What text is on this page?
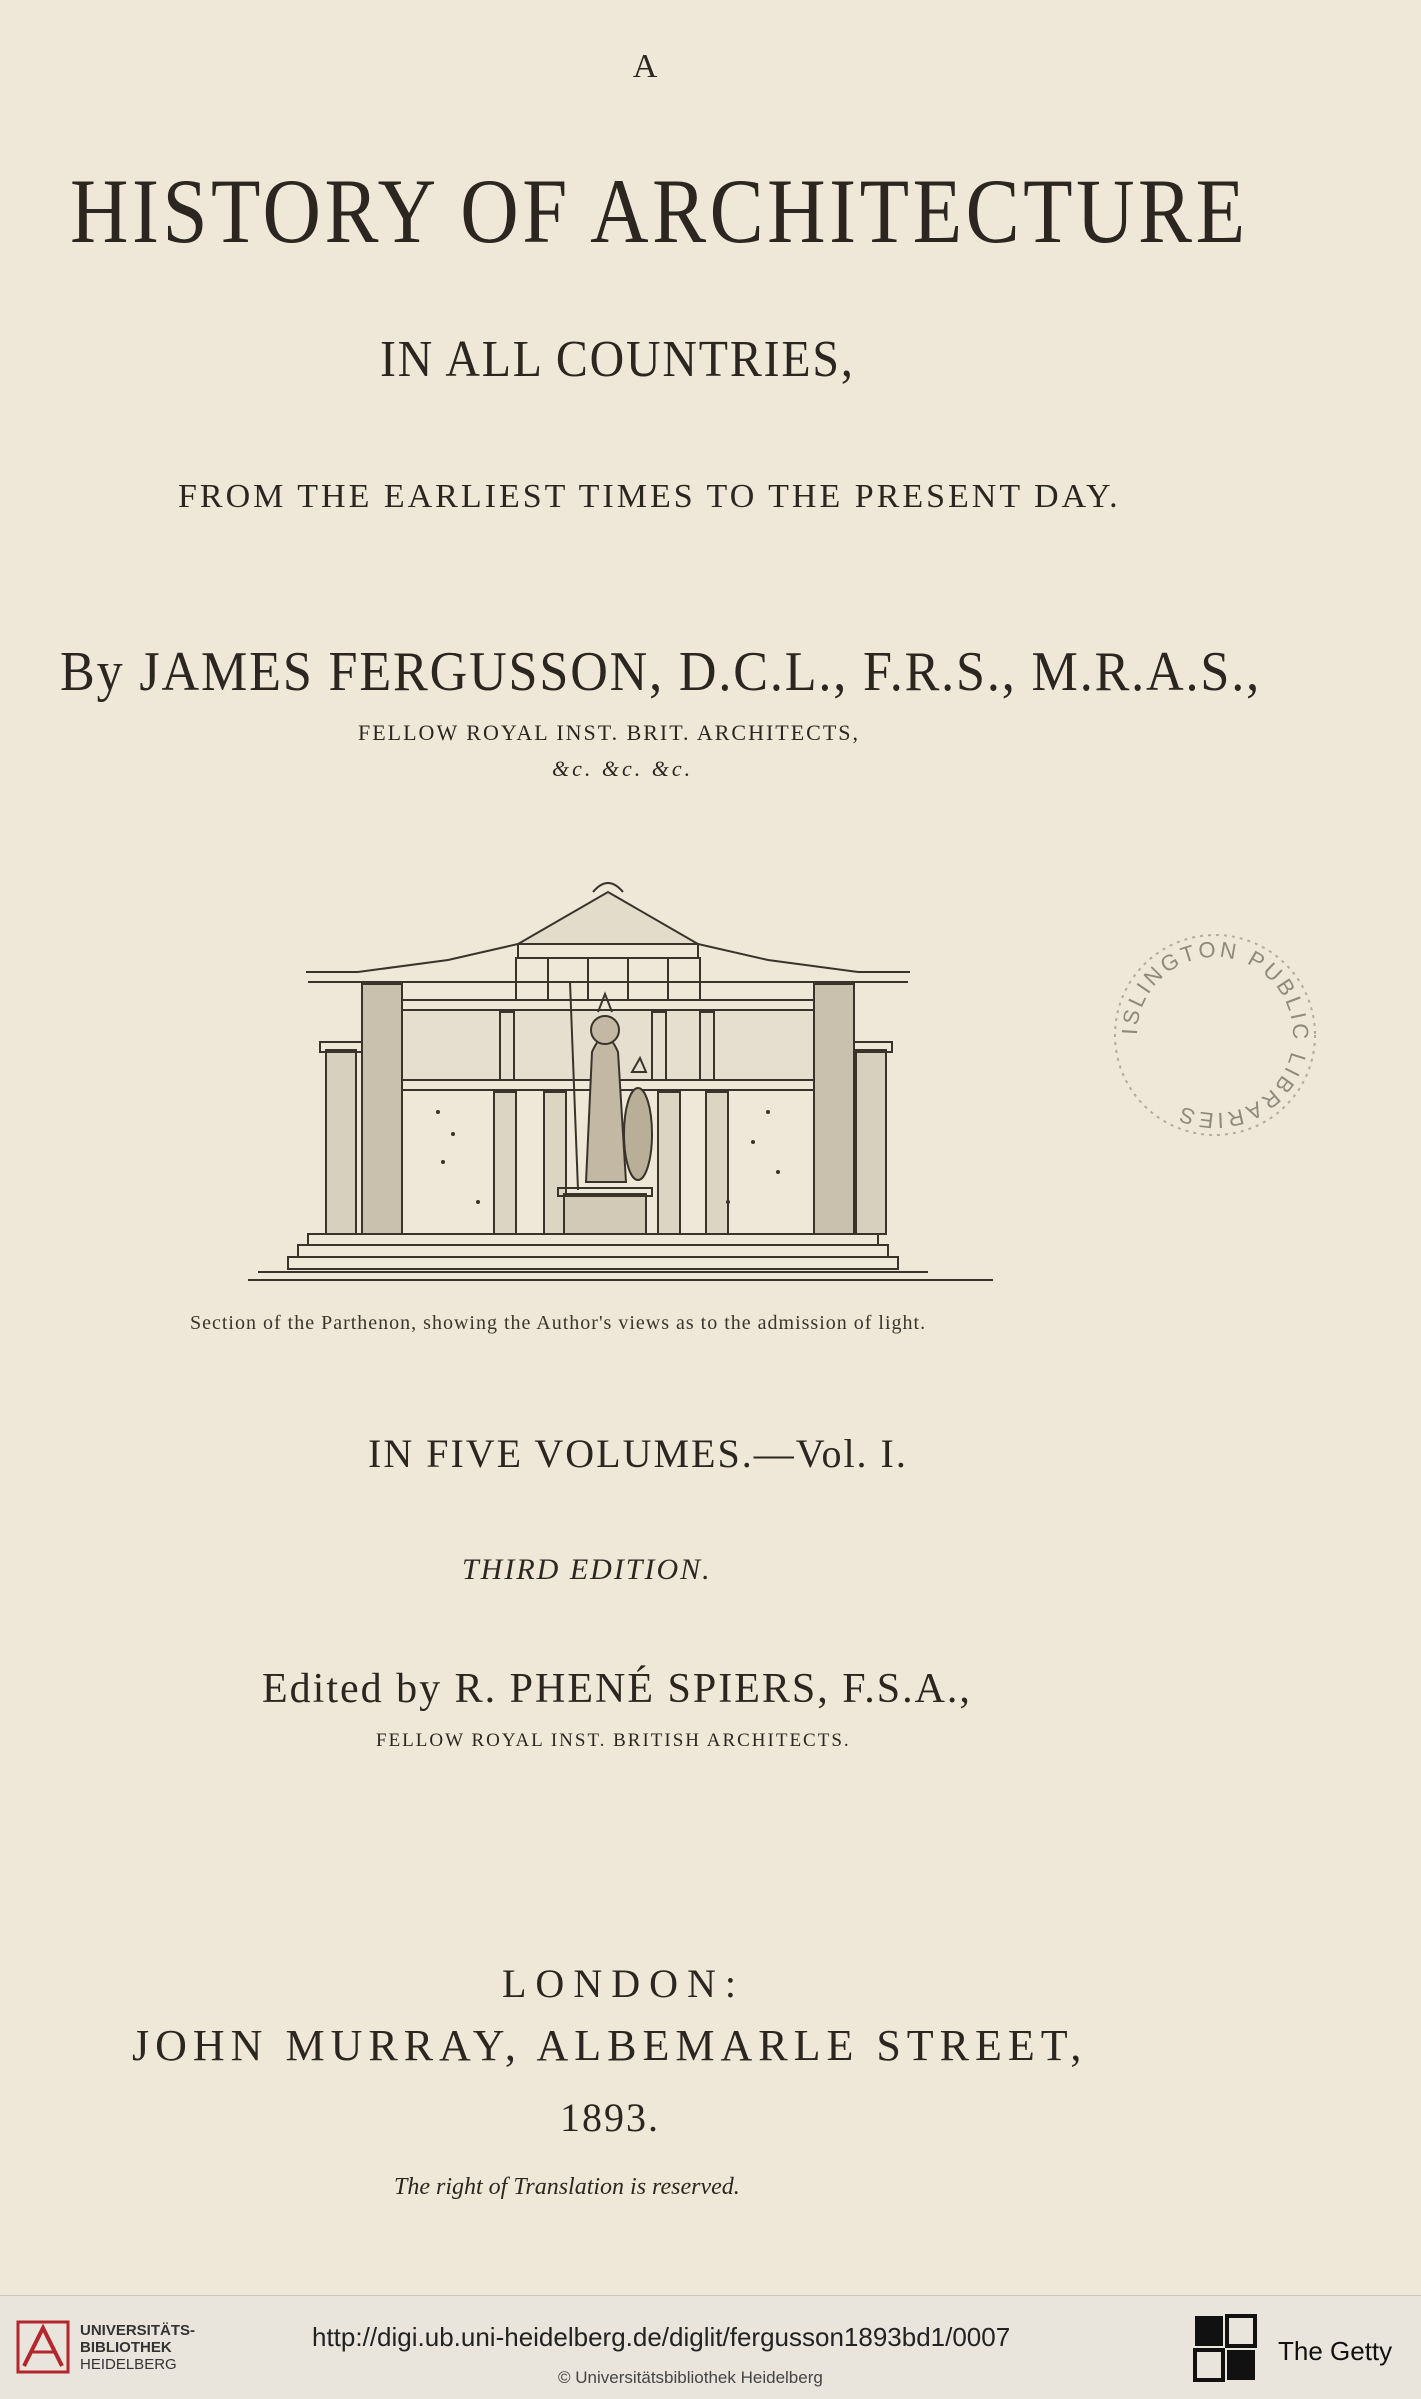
A
HISTORY OF ARCHITECTURE
IN ALL COUNTRIES,
FROM THE EARLIEST TIMES TO THE PRESENT DAY.
By JAMES FERGUSSON, D.C.L., F.R.S., M.R.A.S.,
FELLOW ROYAL INST. BRIT. ARCHITECTS,
&c. &c. &c.
Section of the Parthenon, showing the Author's views as to the admission of light.
ISLINGTON PUBLIC LIBRARIES
IN FIVE VOLUMES.—Vol. I.
THIRD EDITION.
Edited by R. PHENÉ SPIERS, F.S.A.,
FELLOW ROYAL INST. BRITISH ARCHITECTS.
LONDON:
JOHN MURRAY, ALBEMARLE STREET,
1893.
The right of Translation is reserved.
UNIVERSITÄTS-
BIBLIOTHEK
HEIDELBERG
http://digi.ub.uni-heidelberg.de/diglit/fergusson1893bd1/0007
© Universitätsbibliothek Heidelberg
The Getty
